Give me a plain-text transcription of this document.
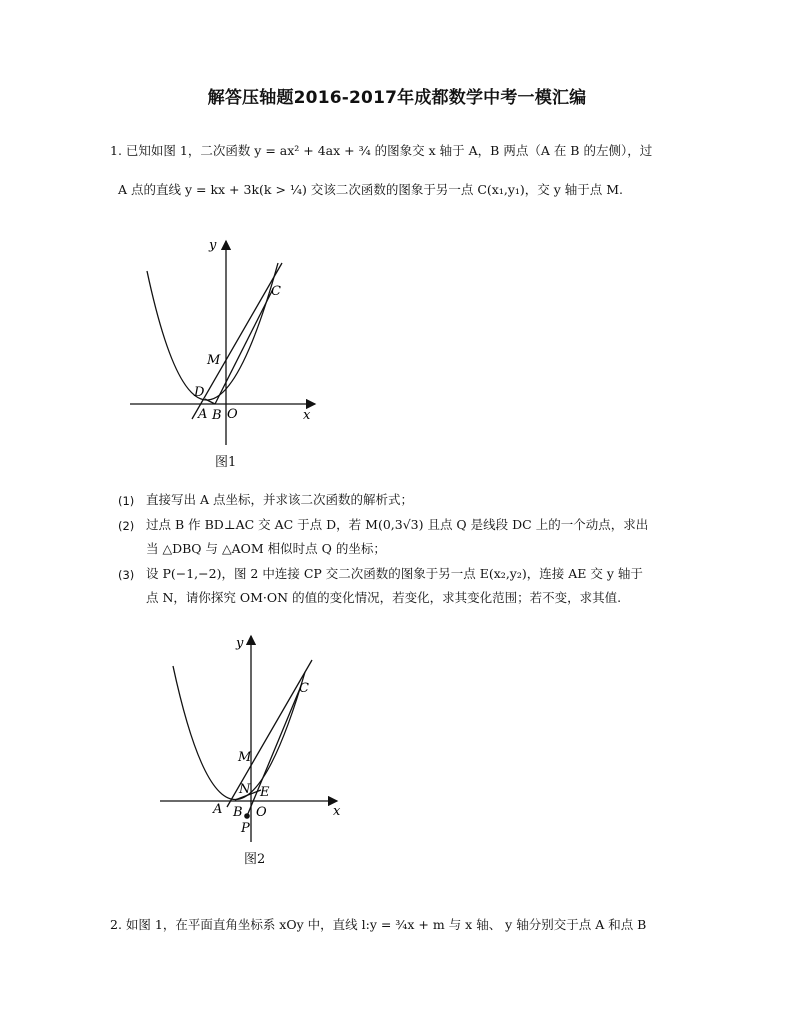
解答压轴题2016-2017年成都数学中考一模汇编
1. 已知如图 1，二次函数 y = ax² + 4ax + ¾ 的图象交 x 轴于 A，B 两点（A 在 B 的左侧），过
A 点的直线 y = kx + 3k(k > ¼) 交该二次函数的图象于另一点 C(x₁,y₁)，交 y 轴于点 M.
y
x
C
M
D
A B O
图1
(1) 直接写出 A 点坐标，并求该二次函数的解析式；
(2) 过点 B 作 BD⊥AC 交 AC 于点 D，若 M(0,3√3) 且点 Q 是线段 DC 上的一个动点，求出
当 △DBQ 与 △AOM 相似时点 Q 的坐标；
(3) 设 P(−1,−2)，图 2 中连接 CP 交二次函数的图象于另一点 E(x₂,y₂)，连接 AE 交 y 轴于
点 N，请你探究 OM·ON 的值的变化情况，若变化，求其变化范围；若不变，求其值.
y
x
C
M
N E
A B O
P
图2
2. 如图 1，在平面直角坐标系 xOy 中，直线 l:y = ¾x + m 与 x 轴、 y 轴分别交于点 A 和点 B
